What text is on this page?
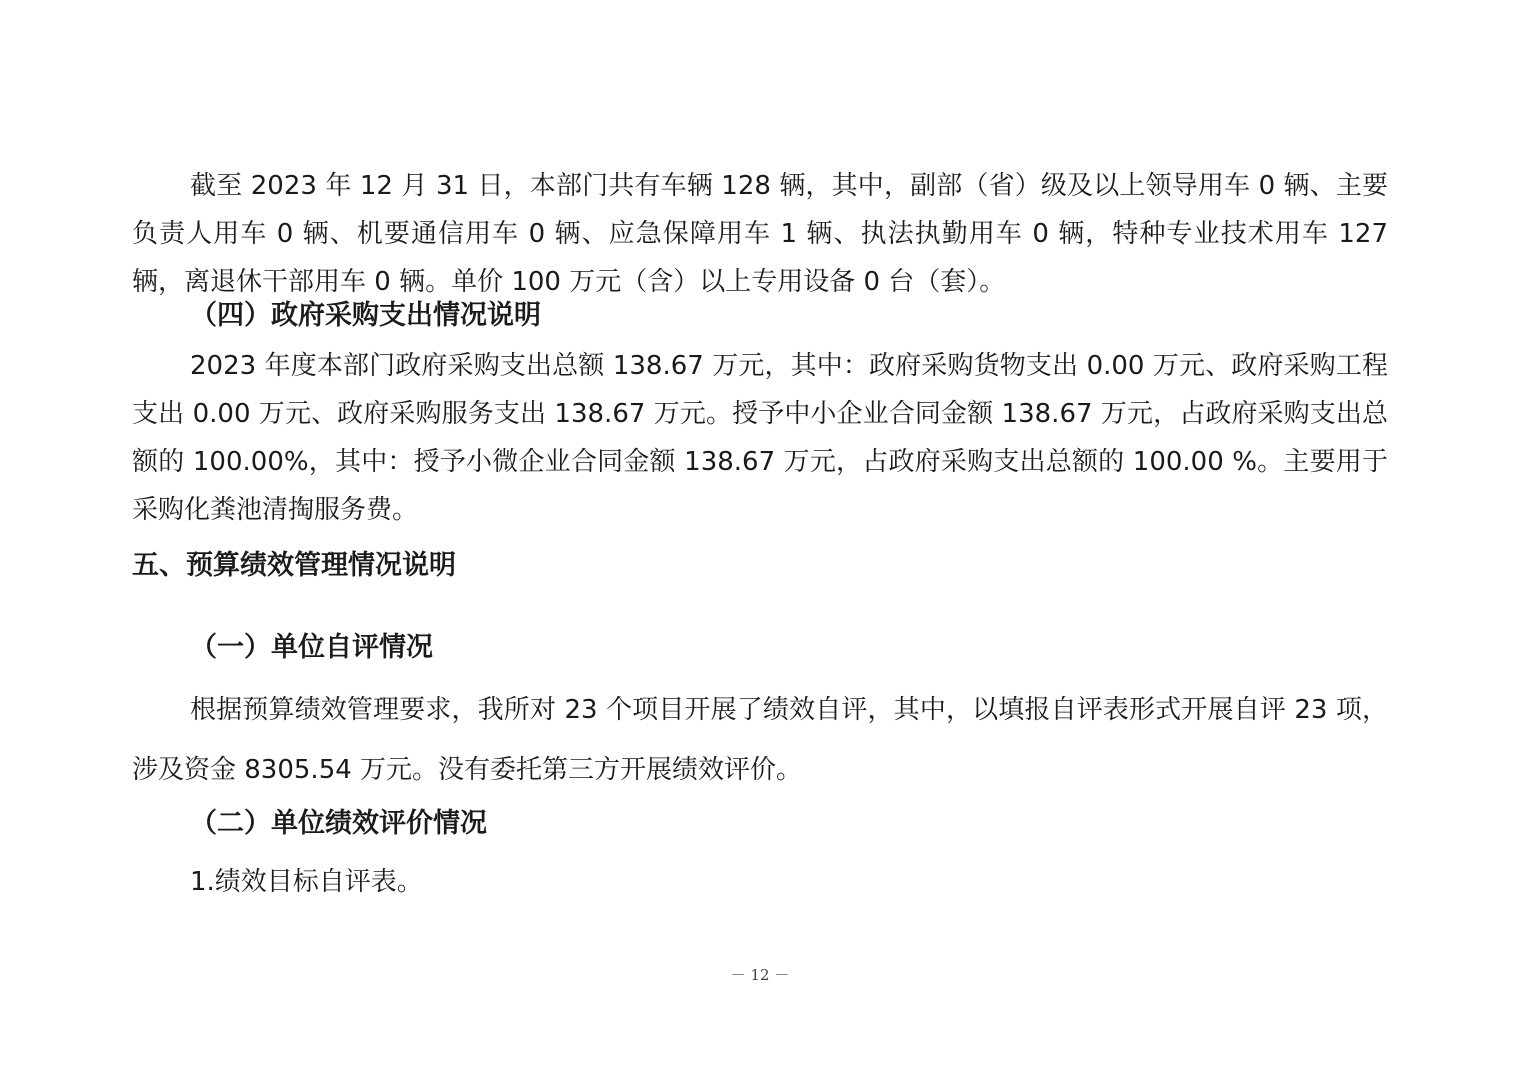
截至 2023 年 12 月 31 日，本部门共有车辆 128 辆，其中，副部（省）级及以上领导用车 0 辆、主要负责人用车 0 辆、机要通信用车 0 辆、应急保障用车 1 辆、执法执勤用车 0 辆，特种专业技术用车 127 辆，离退休干部用车 0 辆。单价 100 万元（含）以上专用设备 0 台（套）。

（四）政府采购支出情况说明

2023 年度本部门政府采购支出总额 138.67 万元，其中：政府采购货物支出 0.00 万元、政府采购工程支出 0.00 万元、政府采购服务支出 138.67 万元。授予中小企业合同金额 138.67 万元，占政府采购支出总额的 100.00%，其中：授予小微企业合同金额 138.67 万元，占政府采购支出总额的 100.00 %。主要用于采购化粪池清掏服务费。

五、预算绩效管理情况说明
（一）单位自评情况

根据预算绩效管理要求，我所对 23 个项目开展了绩效自评，其中，以填报自评表形式开展自评 23 项，涉及资金 8305.54 万元。没有委托第三方开展绩效评价。

（二）单位绩效评价情况

1.绩效目标自评表。

－ 12 －
